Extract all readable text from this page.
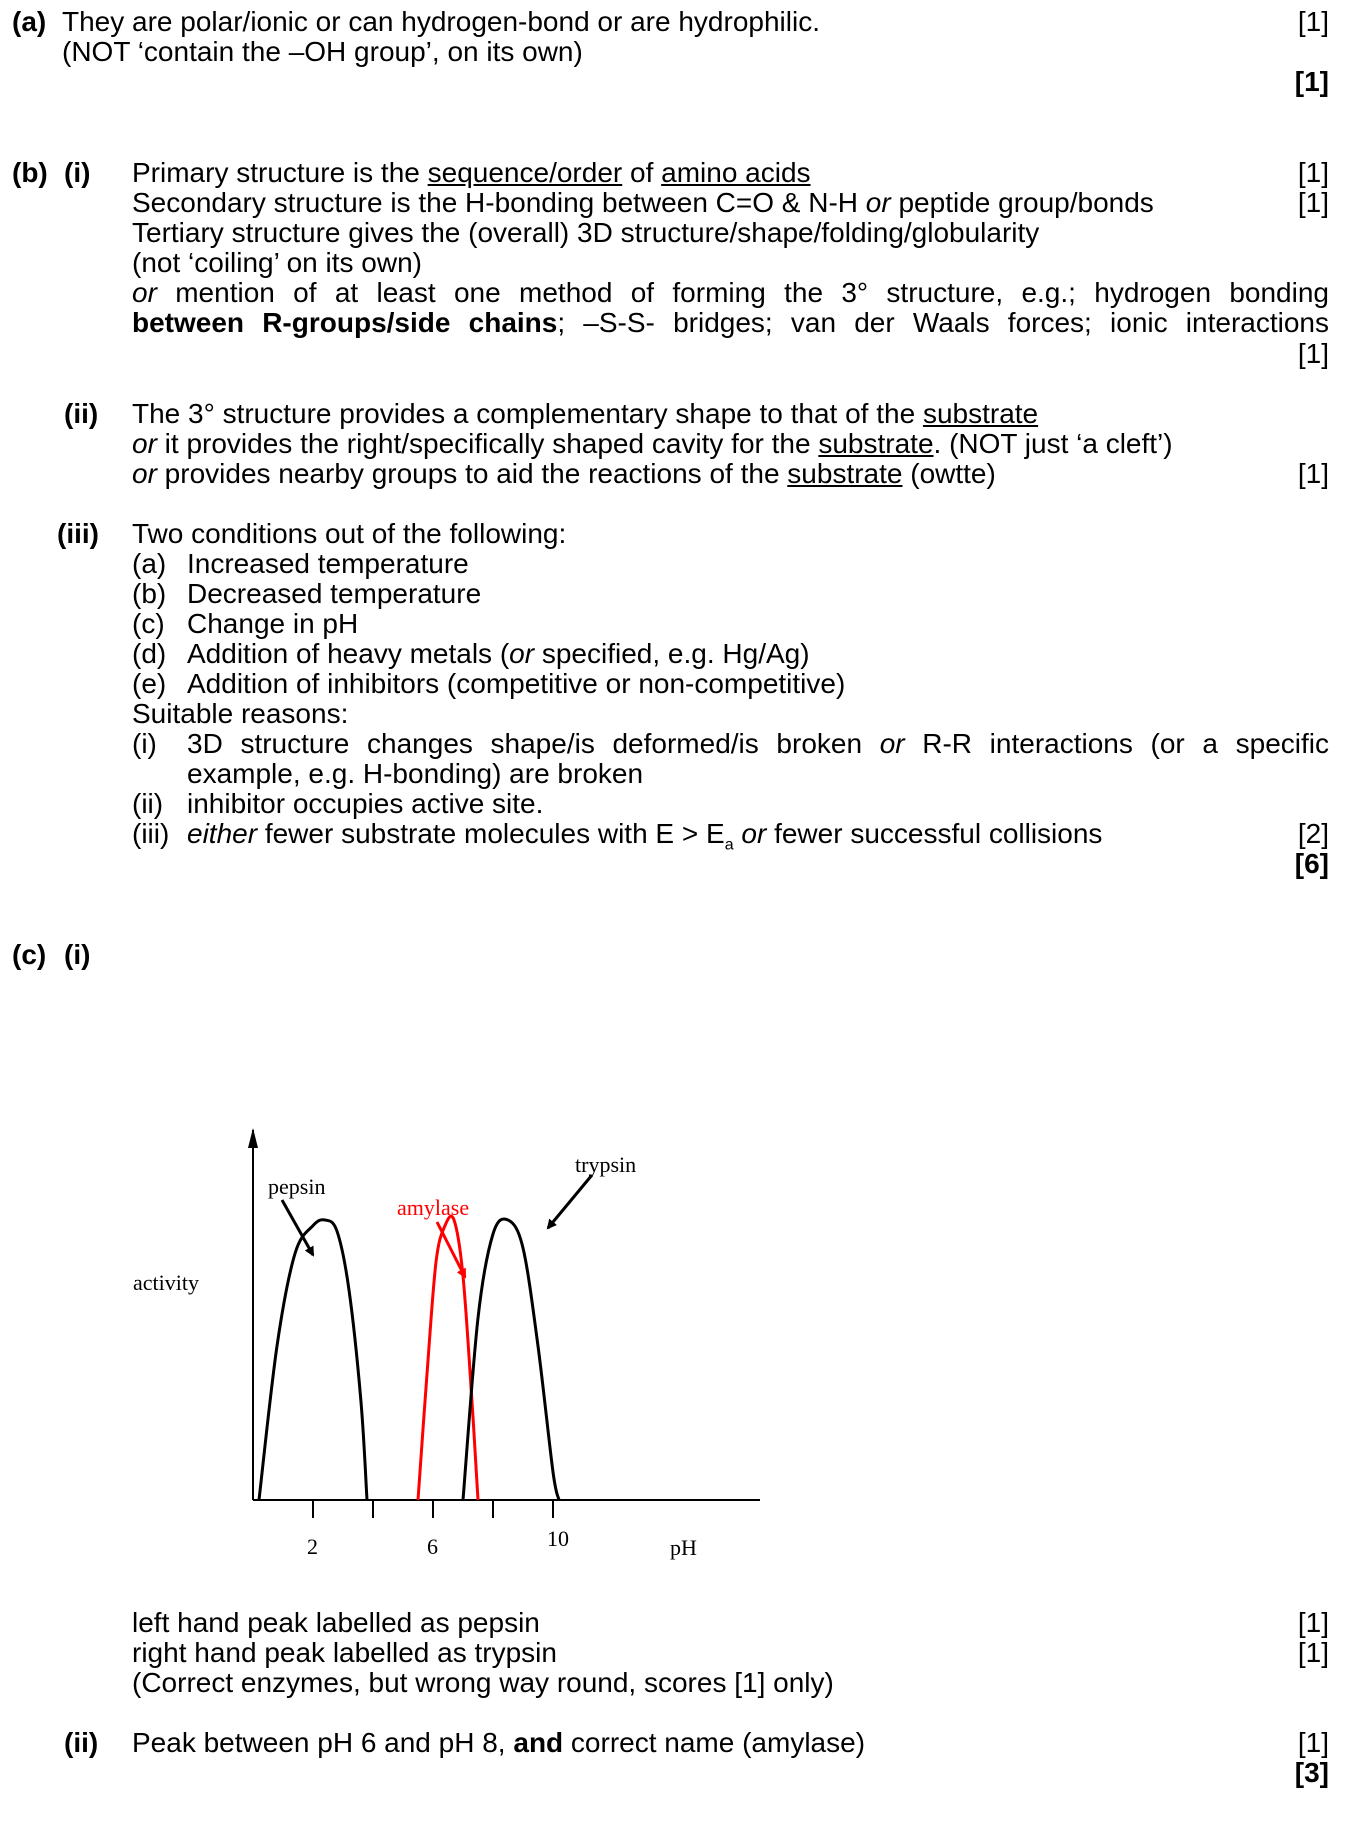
(a) They are polar/ionic or can hydrogen-bond or are hydrophilic.	[1]
(NOT ‘contain the –OH group’, on its own)
[1]
(b) (i) Primary structure is the sequence/order of amino acids	[1]
Secondary structure is the H-bonding between C=O & N-H or peptide group/bonds	[1]
Tertiary structure gives the (overall) 3D structure/shape/folding/globularity
(not ‘coiling’ on its own)
or mention of at least one method of forming the 3° structure, e.g.; hydrogen bonding
between R-groups/side chains; –S-S- bridges; van der Waals forces; ionic interactions
[1]
(ii) The 3° structure provides a complementary shape to that of the substrate
or it provides the right/specifically shaped cavity for the substrate. (NOT just ‘a cleft’)
or provides nearby groups to aid the reactions of the substrate (owtte)	[1]
(iii) Two conditions out of the following:
(a) Increased temperature
(b) Decreased temperature
(c) Change in pH
(d) Addition of heavy metals (or specified, e.g. Hg/Ag)
(e) Addition of inhibitors (competitive or non-competitive)
Suitable reasons:
(i) 3D structure changes shape/is deformed/is broken or R-R interactions (or a specific
example, e.g. H-bonding) are broken
(ii) inhibitor occupies active site.
(iii) either fewer substrate molecules with $E > E_a$ or fewer successful collisions	[2]
[6]
(c) (i)
2	6	10
activity
pH
pepsin
amylase
trypsin
left hand peak labelled as pepsin	[1]
right hand peak labelled as trypsin	[1]
(Correct enzymes, but wrong way round, scores [1] only)
(ii) Peak between pH 6 and pH 8, and correct name (amylase)	[1]
[3]
